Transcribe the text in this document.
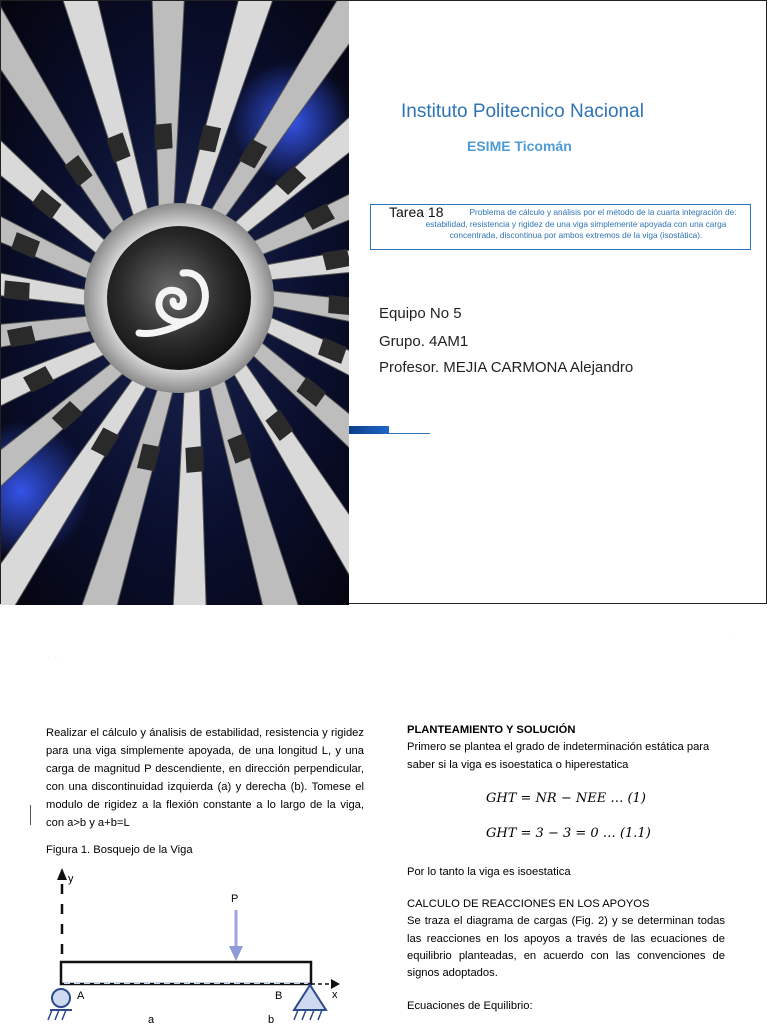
Instituto Politecnico Nacional
ESIME Ticomán
Tarea 18	Problema de cálculo y análisis por el método de la cuarta integración de: estabilidad, resistencia y rigidez de una viga simplemente apoyada con una carga concentrada, discontinua por ambos extremos de la viga (isostática).
Equipo No 5
Grupo. 4AM1
Profesor. MEJIA CARMONA Alejandro
· ·
·
Realizar el cálculo y ánalisis de estabilidad, resistencia y rigidez para una viga simplemente apoyada, de una longitud L, y una carga de magnitud P descendiente, en dirección perpendicular, con una discontinuidad izquierda (a) y derecha (b). Tomese el modulo de rigidez a la flexión constante a lo largo de la viga, con a>b y a+b=L
Figura 1. Bosquejo de la Viga
y
x
P
A	B
a	b
PLANTEAMIENTO Y SOLUCIÓN
Primero se plantea el grado de indeterminación estática para saber si la viga es isoestatica o hiperestatica
GHT = NR − NEE … (1)
GHT = 3 − 3 = 0 … (1.1)
Por lo tanto la viga es isoestatica
CALCULO DE REACCIONES EN LOS APOYOS
Se traza el diagrama de cargas (Fig. 2) y se determinan todas las reacciones en los apoyos a través de las ecuaciones de equilibrio planteadas, en acuerdo con las convenciones de signos adoptados.
Ecuaciones de Equilibrio:
